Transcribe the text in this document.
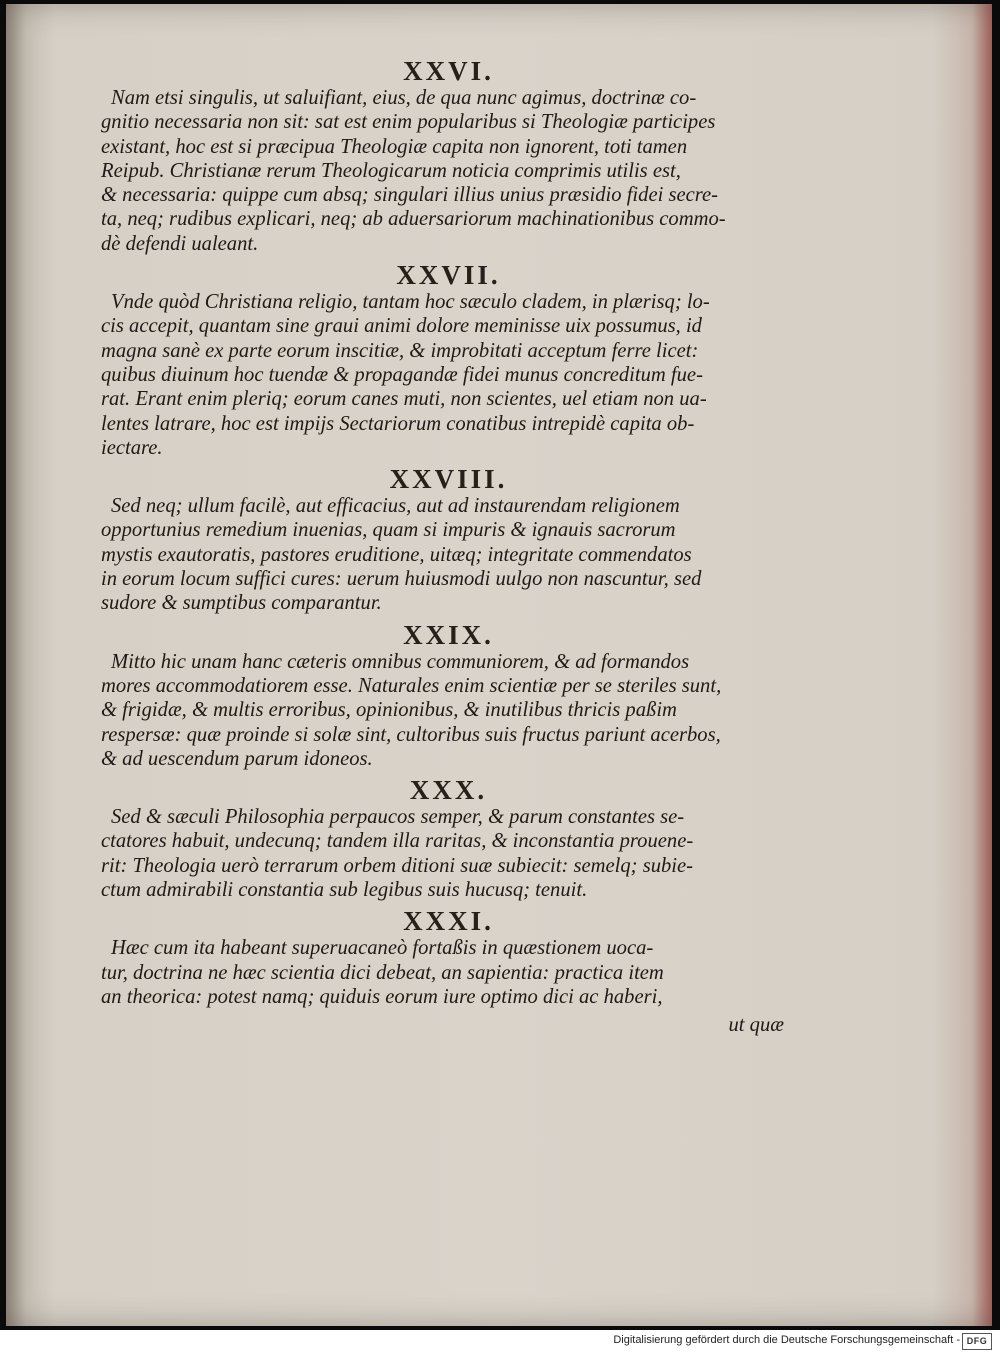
XXVI.
Nam etsi singulis, ut saluifiant, eius, de qua nunc agimus, doctrinæ co-
gnitio necessaria non sit: sat est enim popularibus si Theologiæ participes
existant, hoc est si præcipua Theologiæ capita non ignorent, toti tamen
Reipub. Christianæ rerum Theologicarum noticia comprimis utilis est,
& necessaria: quippe cum absq; singulari illius unius præsidio fidei secre-
ta, neq; rudibus explicari, neq; ab aduersariorum machinationibus commo-
dè defendi ualeant.
XXVII.
Vnde quòd Christiana religio, tantam hoc sæculo cladem, in plærisq; lo-
cis accepit, quantam sine graui animi dolore meminisse uix possumus, id
magna sanè ex parte eorum inscitiæ, & improbitati acceptum ferre licet:
quibus diuinum hoc tuendæ & propagandæ fidei munus concreditum fue-
rat. Erant enim pleriq; eorum canes muti, non scientes, uel etiam non ua-
lentes latrare, hoc est impijs Sectariorum conatibus intrepidè capita ob-
iectare.
XXVIII.
Sed neq; ullum facilè, aut efficacius, aut ad instaurendam religionem
opportunius remedium inuenias, quam si impuris & ignauis sacrorum
mystis exautoratis, pastores eruditione, uitæq; integritate commendatos
in eorum locum suffici cures: uerum huiusmodi uulgo non nascuntur, sed
sudore & sumptibus comparantur.
XXIX.
Mitto hic unam hanc cæteris omnibus communiorem, & ad formandos
mores accommodatiorem esse. Naturales enim scientiæ per se steriles sunt,
& frigidæ, & multis erroribus, opinionibus, & inutilibus thricis paßim
respersæ: quæ proinde si solæ sint, cultoribus suis fructus pariunt acerbos,
& ad uescendum parum idoneos.
XXX.
Sed & sæculi Philosophia perpaucos semper, & parum constantes se-
ctatores habuit, undecunq; tandem illa raritas, & inconstantia prouene-
rit: Theologia uerò terrarum orbem ditioni suæ subiecit: semelq; subie-
ctum admirabili constantia sub legibus suis hucusq; tenuit.
XXXI.
Hæc cum ita habeant superuacaneò fortaßis in quæstionem uoca-
tur, doctrina ne hæc scientia dici debeat, an sapientia: practica item
an theorica: potest namq; quiduis eorum iure optimo dici ac haberi,
ut quæ
Digitalisierung gefördert durch die Deutsche Forschungsgemeinschaft - DFG
